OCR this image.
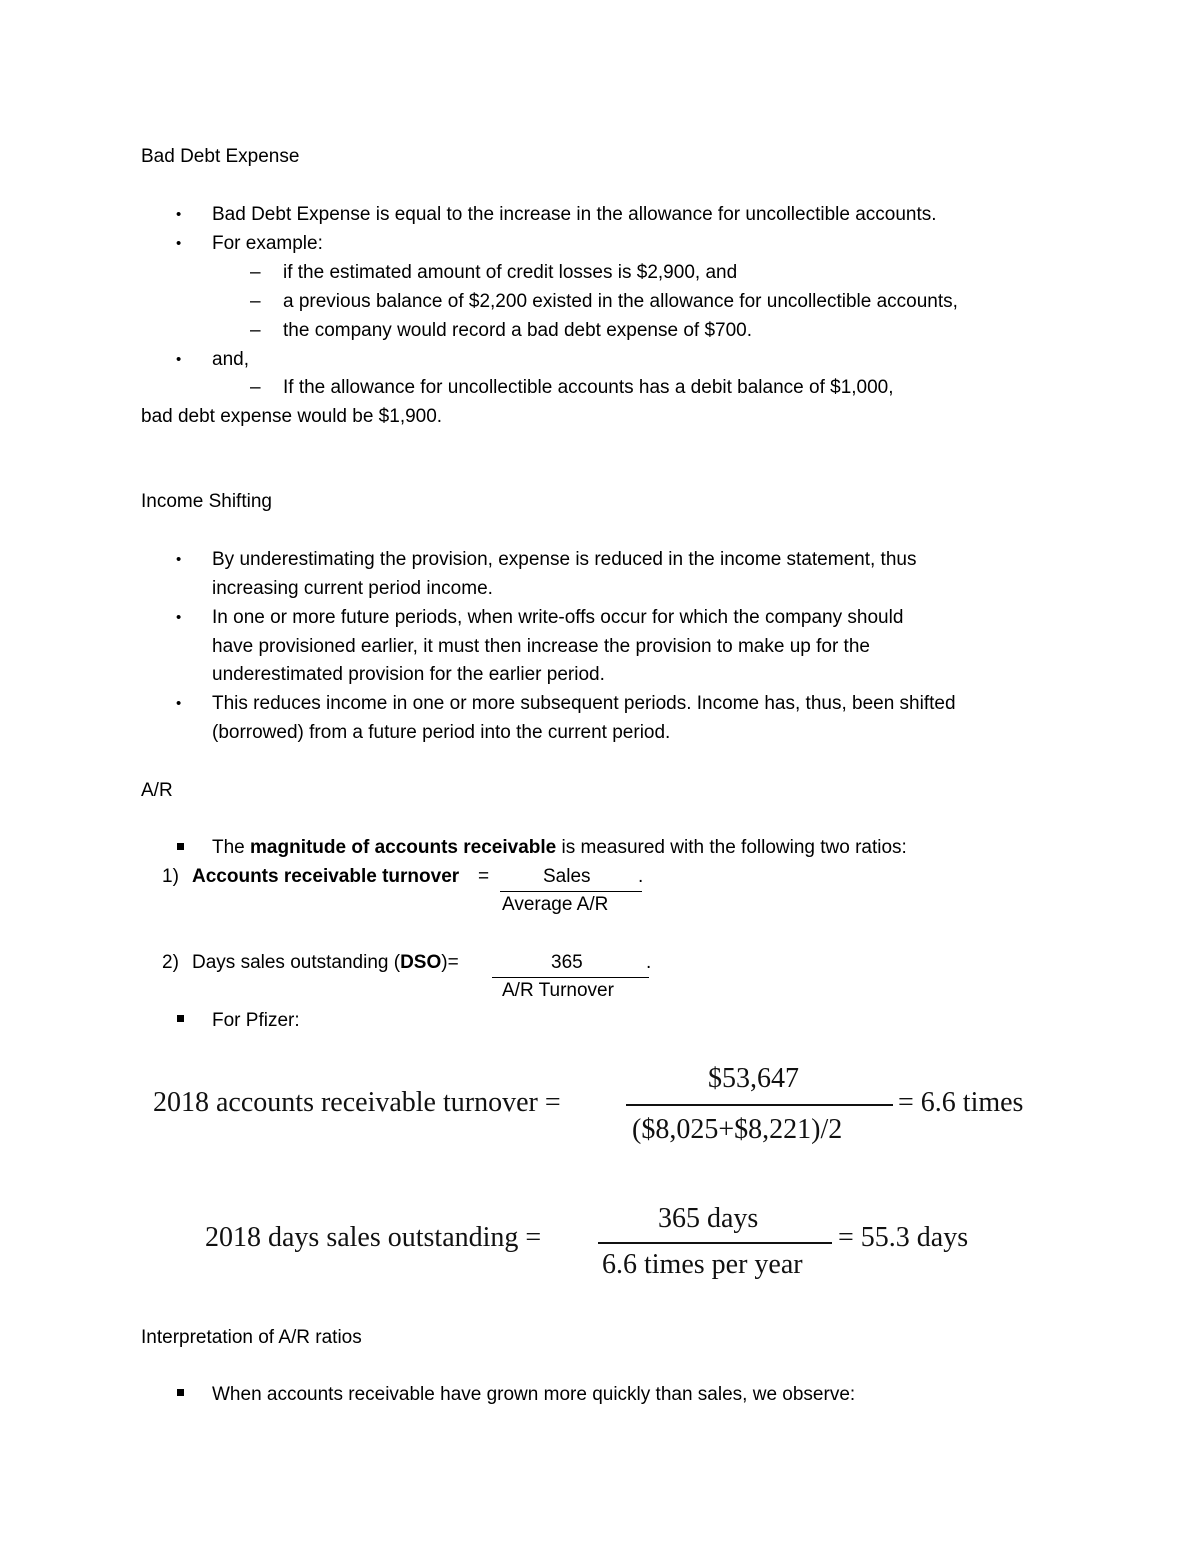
Bad Debt Expense
• Bad Debt Expense is equal to the increase in the allowance for uncollectible accounts.
• For example:
– if the estimated amount of credit losses is $2,900, and
– a previous balance of $2,200 existed in the allowance for uncollectible accounts,
– the company would record a bad debt expense of $700.
• and,
– If the allowance for uncollectible accounts has a debit balance of $1,000,
bad debt expense would be $1,900.
Income Shifting
• By underestimating the provision, expense is reduced in the income statement, thus
increasing current period income.
• In one or more future periods, when write-offs occur for which the company should
have provisioned earlier, it must then increase the provision to make up for the
underestimated provision for the earlier period.
• This reduces income in one or more subsequent periods. Income has, thus, been shifted
(borrowed) from a future period into the current period.
A/R
The magnitude of accounts receivable is measured with the following two ratios:
1) Accounts receivable turnover =	Sales .
Average A/R
2) Days sales outstanding (DSO)=	365	.
A/R Turnover
For Pfizer:
2018 accounts receivable turnover =
$53,647
($8,025+$8,221)/2
= 6.6 times
2018 days sales outstanding =
365 days
6.6 times per year
= 55.3 days
Interpretation of A/R ratios
When accounts receivable have grown more quickly than sales, we observe:
